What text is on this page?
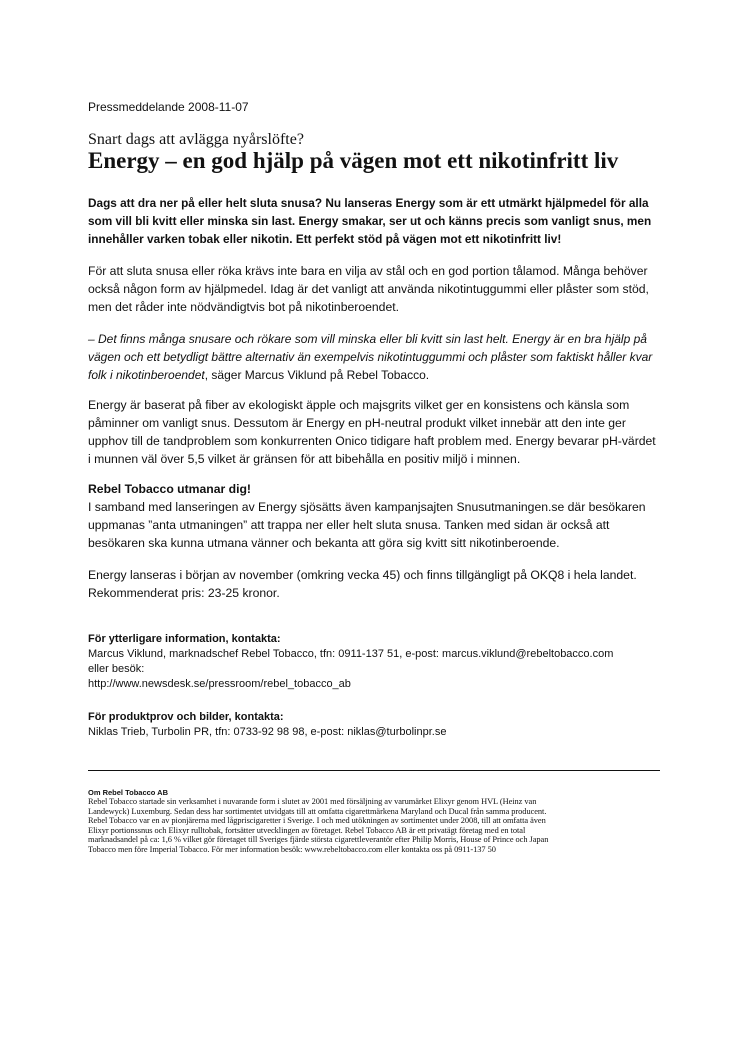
Pressmeddelande 2008-11-07
Snart dags att avlägga nyårslöfte?
Energy – en god hjälp på vägen mot ett nikotinfritt liv

Dags att dra ner på eller helt sluta snusa? Nu lanseras Energy som är ett utmärkt hjälpmedel för alla som vill bli kvitt eller minska sin last. Energy smakar, ser ut och känns precis som vanligt snus, men innehåller varken tobak eller nikotin. Ett perfekt stöd på vägen mot ett nikotinfritt liv!

För att sluta snusa eller röka krävs inte bara en vilja av stål och en god portion tålamod. Många behöver också någon form av hjälpmedel. Idag är det vanligt att använda nikotintuggummi eller plåster som stöd, men det råder inte nödvändigtvis bot på nikotinberoendet.

– Det finns många snusare och rökare som vill minska eller bli kvitt sin last helt. Energy är en bra hjälp på vägen och ett betydligt bättre alternativ än exempelvis nikotintuggummi och plåster som faktiskt håller kvar folk i nikotinberoendet, säger Marcus Viklund på Rebel Tobacco.

Energy är baserat på fiber av ekologiskt äpple och majsgrits vilket ger en konsistens och känsla som påminner om vanligt snus. Dessutom är Energy en pH-neutral produkt vilket innebär att den inte ger upphov till de tandproblem som konkurrenten Onico tidigare haft problem med. Energy bevarar pH-värdet i munnen väl över 5,5 vilket är gränsen för att bibehålla en positiv miljö i minnen.

Rebel Tobacco utmanar dig!

I samband med lanseringen av Energy sjösätts även kampanjsajten Snusutmaningen.se där besökaren uppmanas ”anta utmaningen” att trappa ner eller helt sluta snusa. Tanken med sidan är också att besökaren ska kunna utmana vänner och bekanta att göra sig kvitt sitt nikotinberoende.

Energy lanseras i början av november (omkring vecka 45) och finns tillgängligt på OKQ8 i hela landet. Rekommenderat pris: 23-25 kronor.

För ytterligare information, kontakta:
Marcus Viklund, marknadschef Rebel Tobacco, tfn: 0911-137 51, e-post: marcus.viklund@rebeltobacco.com
eller besök:
http://www.newsdesk.se/pressroom/rebel_tobacco_ab
För produktprov och bilder, kontakta:
Niklas Trieb, Turbolin PR, tfn: 0733-92 98 98, e-post: niklas@turbolinpr.se
Om Rebel Tobacco AB
Rebel Tobacco startade sin verksamhet i nuvarande form i slutet av 2001 med försäljning av varumärket Elixyr genom HVL (Heinz van
Landewyck) Luxemburg. Sedan dess har sortimentet utvidgats till att omfatta cigarettmärkena Maryland och Ducal från samma producent.
Rebel Tobacco var en av pionjärerna med lågpriscigaretter i Sverige. I och med utökningen av sortimentet under 2008, till att omfatta även
Elixyr portionssnus och Elixyr rulltobak, fortsätter utvecklingen av företaget. Rebel Tobacco AB är ett privatägt företag med en total
marknadsandel på ca: 1,6 % vilket gör företaget till Sveriges fjärde största cigarettleverantör efter Philip Morris, House of Prince och Japan
Tobacco men före Imperial Tobacco. För mer information besök: www.rebeltobacco.com eller kontakta oss på 0911-137 50
